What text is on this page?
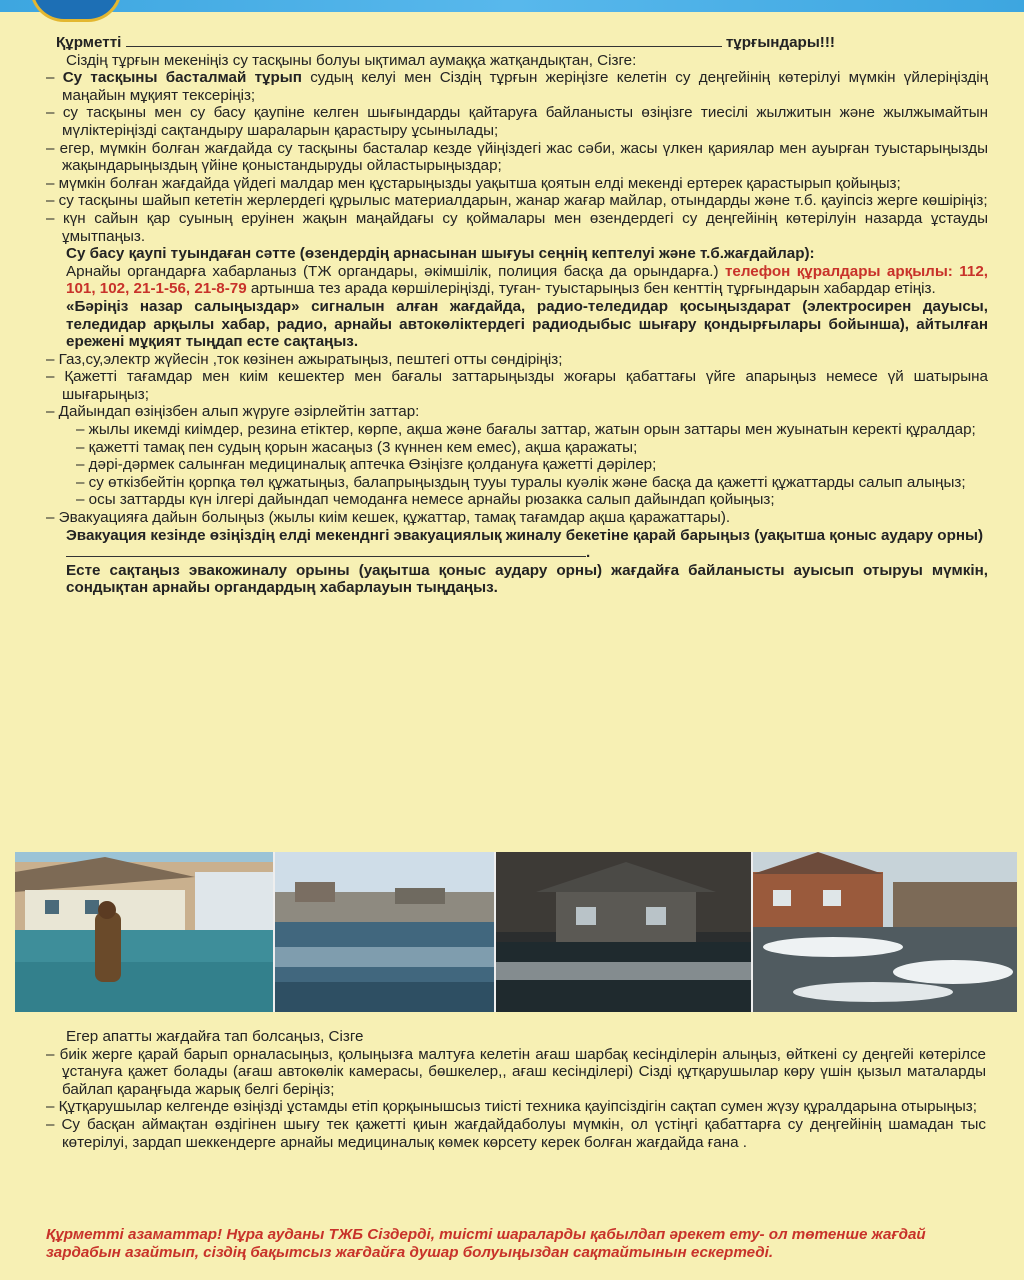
Құрметті	тұрғындары!!!

Сіздің тұрғын мекеніңіз су тасқыны болуы ықтимал аумаққа жатқандықтан, Сізге:

– Су тасқыны басталмай тұрып судың келуі мен Сіздің тұрғын жеріңізге келетін су деңгейінің көтерілуі мүмкін үйлеріңіздің маңайын мұқият тексеріңіз;

– су тасқыны мен су басу қаупіне келген шығындарды қайтаруға байланысты өзіңізге тиесілі жылжитын және жылжымайтын мүліктеріңізді сақтандыру шараларын қарастыру ұсынылады;

– егер, мүмкін болған жағдайда су тасқыны басталар кезде үйіңіздегі жас сәби, жасы үлкен қариялар мен ауырған туыстарыңызды жақындарыңыздың үйіне қоныстандыруды ойластырыңыздар;

– мүмкін болған жағдайда үйдегі малдар мен құстарыңызды уақытша қоятын елді мекенді ертерек қарастырып қойыңыз;

– су тасқыны шайып кететін жерлердегі құрылыс материалдарын, жанар жағар майлар, отындарды және т.б. қауіпсіз жерге көшіріңіз;

– күн сайын қар суының еруінен жақын маңайдағы су қоймалары мен өзендердегі су деңгейінің көтерілуін назарда ұстауды ұмытпаңыз.

Су басу қаупі туындаған сәтте (өзендердің арнасынан шығуы сеңнің кептелуі және т.б.жағдайлар):

Арнайы органдарға хабарланыз (ТЖ органдары, әкімшілік, полиция басқа да орындарға.) телефон құралдары арқылы: 112, 101, 102, 21-1-56, 21-8-79 артынша тез арада көршілеріңізді, туған- туыстарыңыз бен кенттің тұрғындарын хабардар етіңіз.

«Бәріңіз назар салыңыздар» сигналын алған жағдайда, радио-теледидар қосыңыздарат (электросирен дауысы, теледидар арқылы хабар, радио, арнайы автокөліктердегі радиодыбыс шығару қондырғылары бойынша), айтылған ережені мұқият тыңдап есте сақтаңыз.

– Газ,су,электр жүйесін ,ток көзінен ажыратыңыз, пештегі отты сөндіріңіз;

– Қажетті тағамдар мен киім кешектер мен бағалы заттарыңызды жоғары қабаттағы үйге апарыңыз немесе үй шатырына шығарыңыз;

– Дайындап өзіңізбен алып жүруге әзірлейтін заттар:

– жылы икемді киімдер, резина етіктер, көрпе, ақша және бағалы заттар, жатын орын заттары мен жуынатын керекті құралдар;

– қажетті тамақ пен судың қорын жасаңыз (3 күннен кем емес), ақша қаражаты;

– дәрі-дәрмек салынған медициналық аптечка Өзіңізге қолдануға қажетті дәрілер;

– су өткізбейтін қорпқа төл құжатыңыз, балапрыңыздың тууы туралы куәлік және басқа да қажетті құжаттарды салып алыңыз;

– осы заттарды күн ілгері дайындап чемоданға немесе арнайы рюзакка салып дайындап қойыңыз;

– Эвакуацияға дайын болыңыз (жылы киім кешек, құжаттар, тамақ тағамдар ақша қаражаттары).

Эвакуация кезінде өзіңіздің елді мекенднгі эвакуациялық жиналу бекетіне қарай барыңыз (уақытша қоныс аудару орны) .

Есте сақтаңыз эвакожиналу орыны (уақытша қоныс аудару орны) жағдайға байланысты ауысып отыруы мүмкін, сондықтан арнайы органдардың хабарлауын тыңдаңыз.

Егер апатты жағдайға тап болсаңыз, Сізге

– биік жерге қарай барып орналасыңыз, қолыңызға малтуға келетін ағаш шарбақ кесінділерін алыңыз, өйткені су деңгейі көтерілсе ұстануға қажет болады (ағаш автокөлік камерасы, бөшкелер,, ағаш кесінділері) Сізді құтқарушылар көру үшін қызыл маталарды байлап қараңғыда жарық белгі беріңіз;

– Құтқарушылар келгенде өзіңізді ұстамды етіп қорқынышсыз тиісті техника қауіпсіздігін сақтап сумен жүзу құралдарына отырыңыз;

– Су басқан аймақтан өздігінен шығу тек қажетті қиын жағдайдаболуы мүмкін, ол үстіңгі қабаттарға су деңгейінің шамадан тыс көтерілуі, зардап шеккендерге арнайы медициналық көмек көрсету керек болған жағдайда ғана .

Құрметті азаматтар! Нұра ауданы ТЖБ Сіздерді, тиісті шараларды қабылдап әрекет ету- ол төтенше жағдай зардабын азайтып, сіздің бақытсыз жағдайға душар болуыңыздан сақтайтынын ескертеді.
